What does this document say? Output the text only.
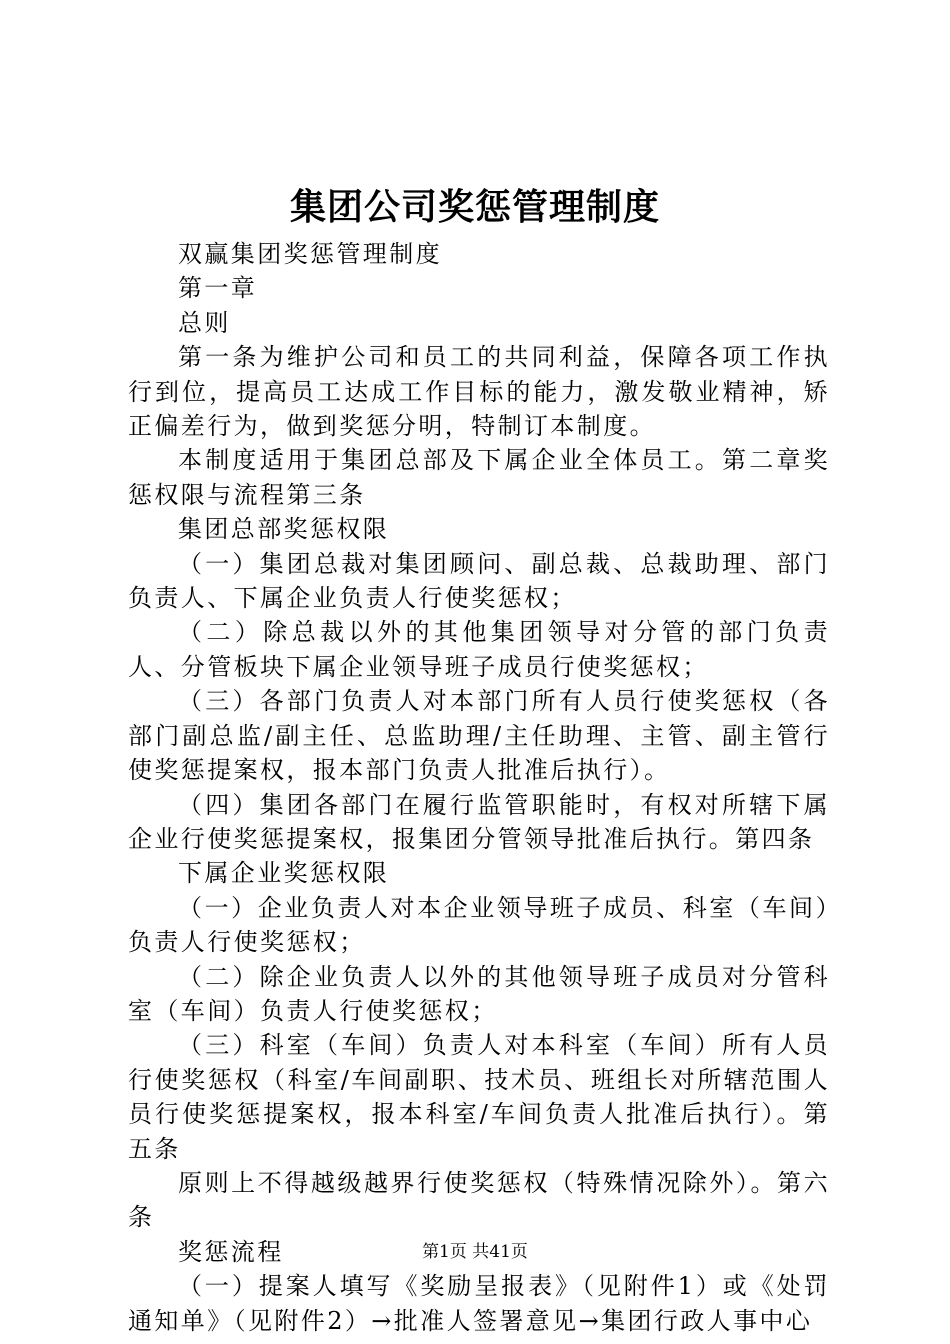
集团公司奖惩管理制度

双赢集团奖惩管理制度

第一章

总则

第一条为维护公司和员工的共同利益，保障各项工作执行到位，提高员工达成工作目标的能力，激发敬业精神，矫正偏差行为，做到奖惩分明，特制订本制度。

本制度适用于集团总部及下属企业全体员工。第二章奖惩权限与流程第三条

集团总部奖惩权限

（一）集团总裁对集团顾问、副总裁、总裁助理、部门负责人、下属企业负责人行使奖惩权；

（二）除总裁以外的其他集团领导对分管的部门负责人、分管板块下属企业领导班子成员行使奖惩权；

（三）各部门负责人对本部门所有人员行使奖惩权（各部门副总监/副主任、总监助理/主任助理、主管、副主管行使奖惩提案权，报本部门负责人批准后执行）。

（四）集团各部门在履行监管职能时，有权对所辖下属企业行使奖惩提案权，报集团分管领导批准后执行。第四条

下属企业奖惩权限

（一）企业负责人对本企业领导班子成员、科室（车间）负责人行使奖惩权；

（二）除企业负责人以外的其他领导班子成员对分管科室（车间）负责人行使奖惩权；

（三）科室（车间）负责人对本科室（车间）所有人员行使奖惩权（科室/车间副职、技术员、班组长对所辖范围人员行使奖惩提案权，报本科室/车间负责人批准后执行）。第五条

原则上不得越级越界行使奖惩权（特殊情况除外）。第六条

奖惩流程

（一）提案人填写《奖励呈报表》（见附件1）或《处罚通知单》（见附件2）→批准人签署意见→集团行政人事中心

第1页 共41页
